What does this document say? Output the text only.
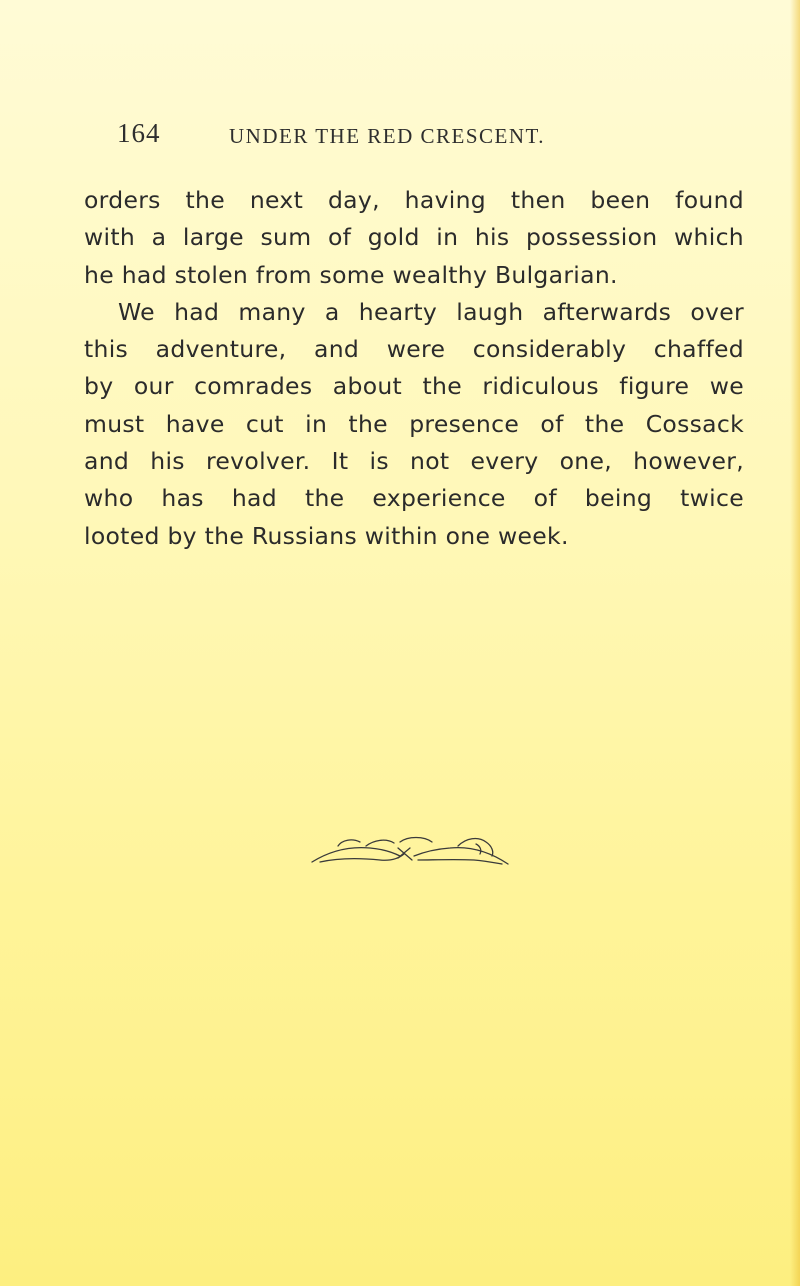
164	UNDER THE RED CRESCENT.
orders the next day, having then been found
with a large sum of gold in his possession which
he had stolen from some wealthy Bulgarian.
We had many a hearty laugh afterwards over
this adventure, and were considerably chaffed
by our comrades about the ridiculous figure we
must have cut in the presence of the Cossack
and his revolver. It is not every one, however,
who has had the experience of being twice
looted by the Russians within one week.
